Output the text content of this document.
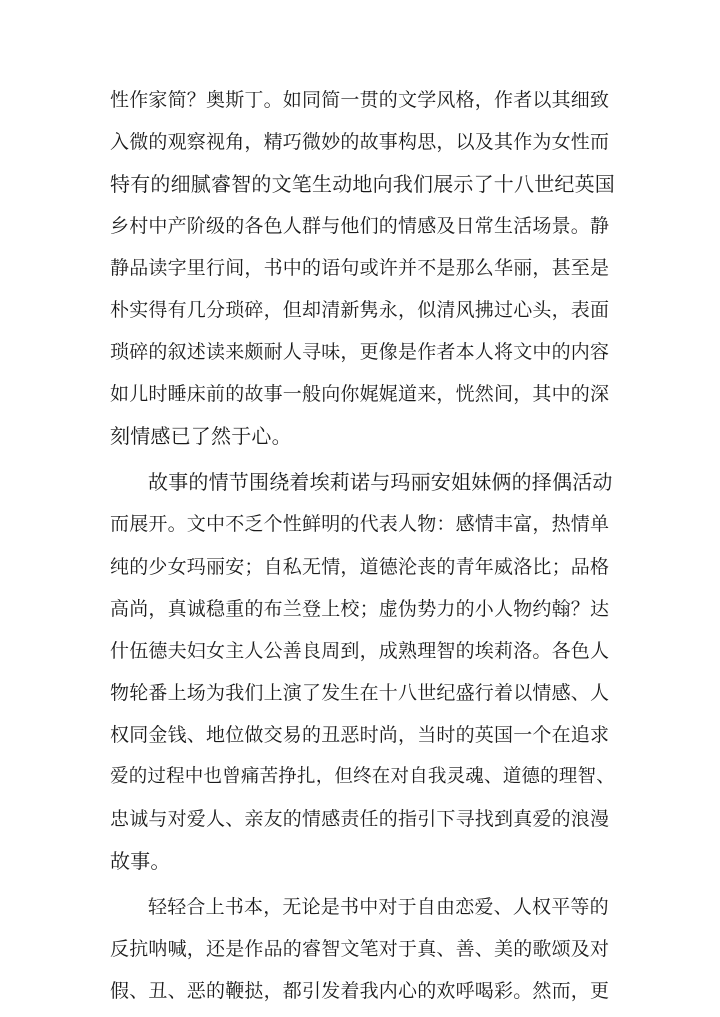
性作家简？奥斯丁。如同简一贯的文学风格，作者以其细致
入微的观察视角，精巧微妙的故事构思，以及其作为女性而
特有的细腻睿智的文笔生动地向我们展示了十八世纪英国
乡村中产阶级的各色人群与他们的情感及日常生活场景。静
静品读字里行间，书中的语句或许并不是那么华丽，甚至是
朴实得有几分琐碎，但却清新隽永，似清风拂过心头，表面
琐碎的叙述读来颇耐人寻味，更像是作者本人将文中的内容
如儿时睡床前的故事一般向你娓娓道来，恍然间，其中的深
刻情感已了然于心。
故事的情节围绕着埃莉诺与玛丽安姐妹俩的择偶活动
而展开。文中不乏个性鲜明的代表人物：感情丰富，热情单
纯的少女玛丽安；自私无情，道德沦丧的青年威洛比；品格
高尚，真诚稳重的布兰登上校；虚伪势力的小人物约翰？达
什伍德夫妇女主人公善良周到，成熟理智的埃莉洛。各色人
物轮番上场为我们上演了发生在十八世纪盛行着以情感、人
权同金钱、地位做交易的丑恶时尚，当时的英国一个在追求
爱的过程中也曾痛苦挣扎，但终在对自我灵魂、道德的理智、
忠诚与对爱人、亲友的情感责任的指引下寻找到真爱的浪漫
故事。
轻轻合上书本，无论是书中对于自由恋爱、人权平等的
反抗呐喊，还是作品的睿智文笔对于真、善、美的歌颂及对
假、丑、恶的鞭挞，都引发着我内心的欢呼喝彩。然而，更
